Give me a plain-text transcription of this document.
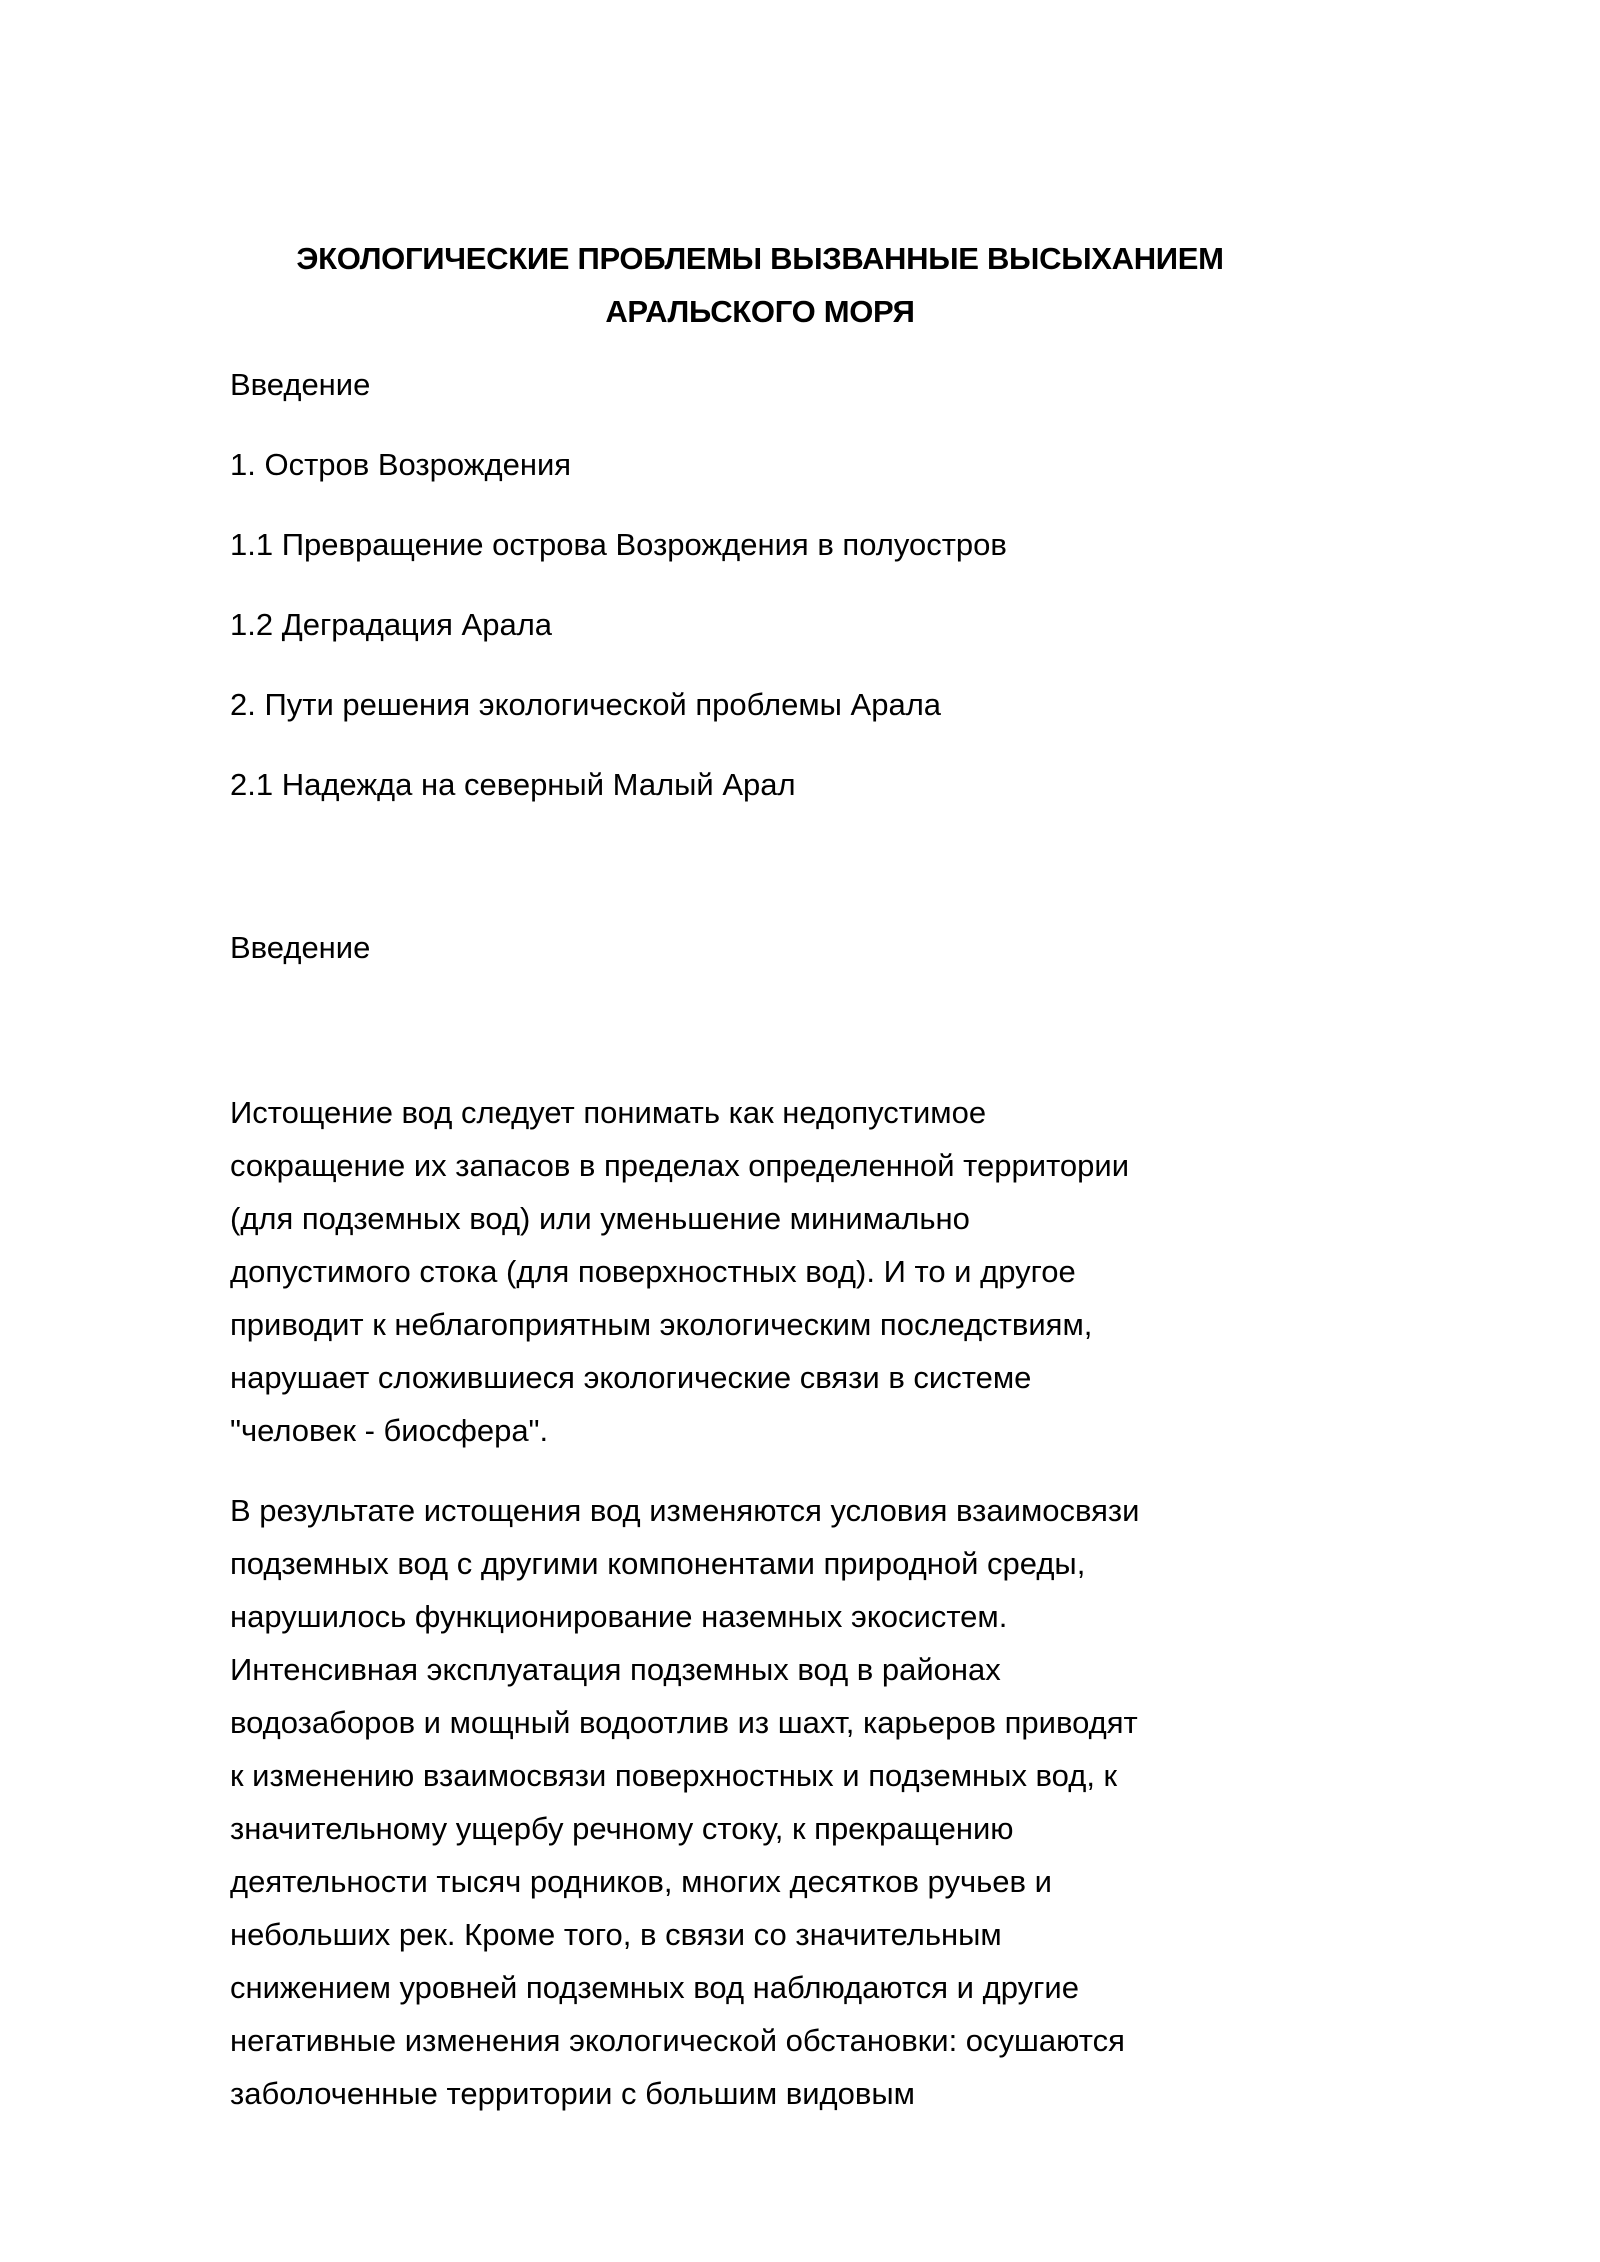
ЭКОЛОГИЧЕСКИЕ ПРОБЛЕМЫ ВЫЗВАННЫЕ ВЫСЫХАНИЕМ
АРАЛЬСКОГО МОРЯ
Введение
1. Остров Возрождения
1.1 Превращение острова Возрождения в полуостров
1.2 Деградация Арала
2. Пути решения экологической проблемы Арала
2.1 Надежда на северный Малый Арал
Введение

Истощение вод следует понимать как недопустимое
сокращение их запасов в пределах определенной территории
(для подземных вод) или уменьшение минимально
допустимого стока (для поверхностных вод). И то и другое
приводит к неблагоприятным экологическим последствиям,
нарушает сложившиеся экологические связи в системе
"человек - биосфера".

В результате истощения вод изменяются условия взаимосвязи
подземных вод с другими компонентами природной среды,
нарушилось функционирование наземных экосистем.
Интенсивная эксплуатация подземных вод в районах
водозаборов и мощный водоотлив из шахт, карьеров приводят
к изменению взаимосвязи поверхностных и подземных вод, к
значительному ущербу речному стоку, к прекращению
деятельности тысяч родников, многих десятков ручьев и
небольших рек. Кроме того, в связи со значительным
снижением уровней подземных вод наблюдаются и другие
негативные изменения экологической обстановки: осушаются
заболоченные территории с большим видовым
